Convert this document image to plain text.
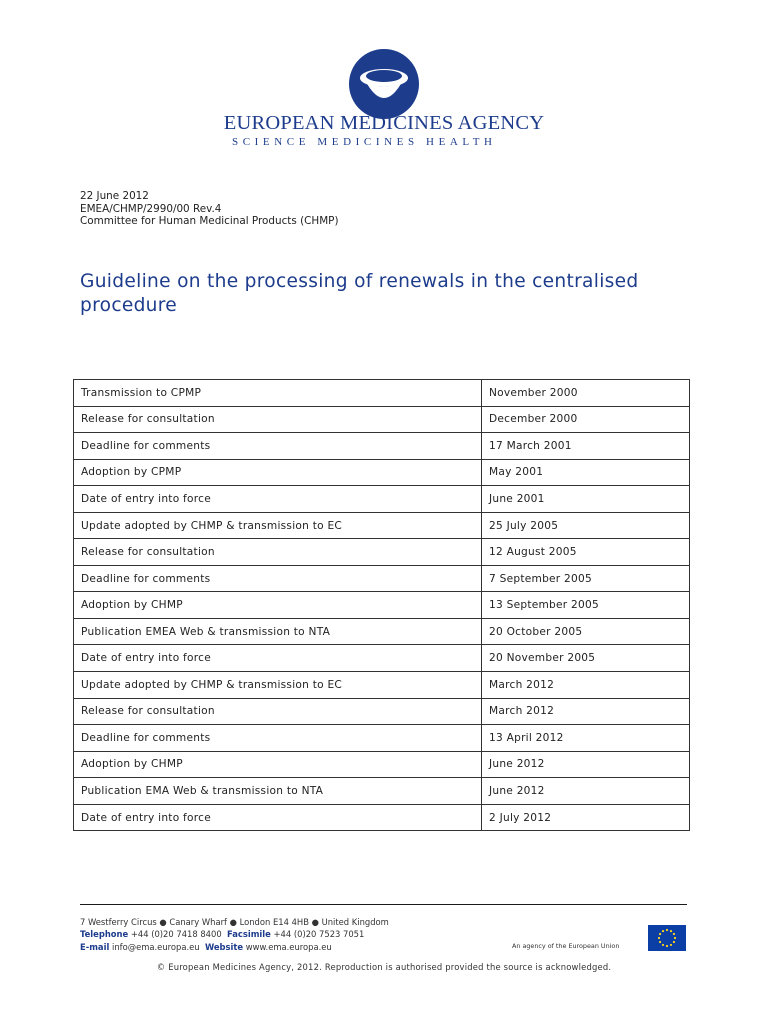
EUROPEAN MEDICINES AGENCY
SCIENCE MEDICINES HEALTH
22 June 2012
EMEA/CHMP/2990/00 Rev.4
Committee for Human Medicinal Products (CHMP)
Guideline on the processing of renewals in the centralised procedure
Transmission to CPMP	November 2000
Release for consultation	December 2000
Deadline for comments	17 March 2001
Adoption by CPMP	May 2001
Date of entry into force	June 2001
Update adopted by CHMP & transmission to EC	25 July 2005
Release for consultation	12 August 2005
Deadline for comments	7 September 2005
Adoption by CHMP	13 September 2005
Publication EMEA Web & transmission to NTA	20 October 2005
Date of entry into force	20 November 2005
Update adopted by CHMP & transmission to EC	March 2012
Release for consultation	March 2012
Deadline for comments	13 April 2012
Adoption by CHMP	June 2012
Publication EMA Web & transmission to NTA	June 2012
Date of entry into force	2 July 2012
7 Westferry Circus ● Canary Wharf ● London E14 4HB ● United Kingdom
Telephone +44 (0)20 7418 8400 Facsimile +44 (0)20 7523 7051
E-mail info@ema.europa.eu Website www.ema.europa.eu	An agency of the European Union
© European Medicines Agency, 2012. Reproduction is authorised provided the source is acknowledged.
